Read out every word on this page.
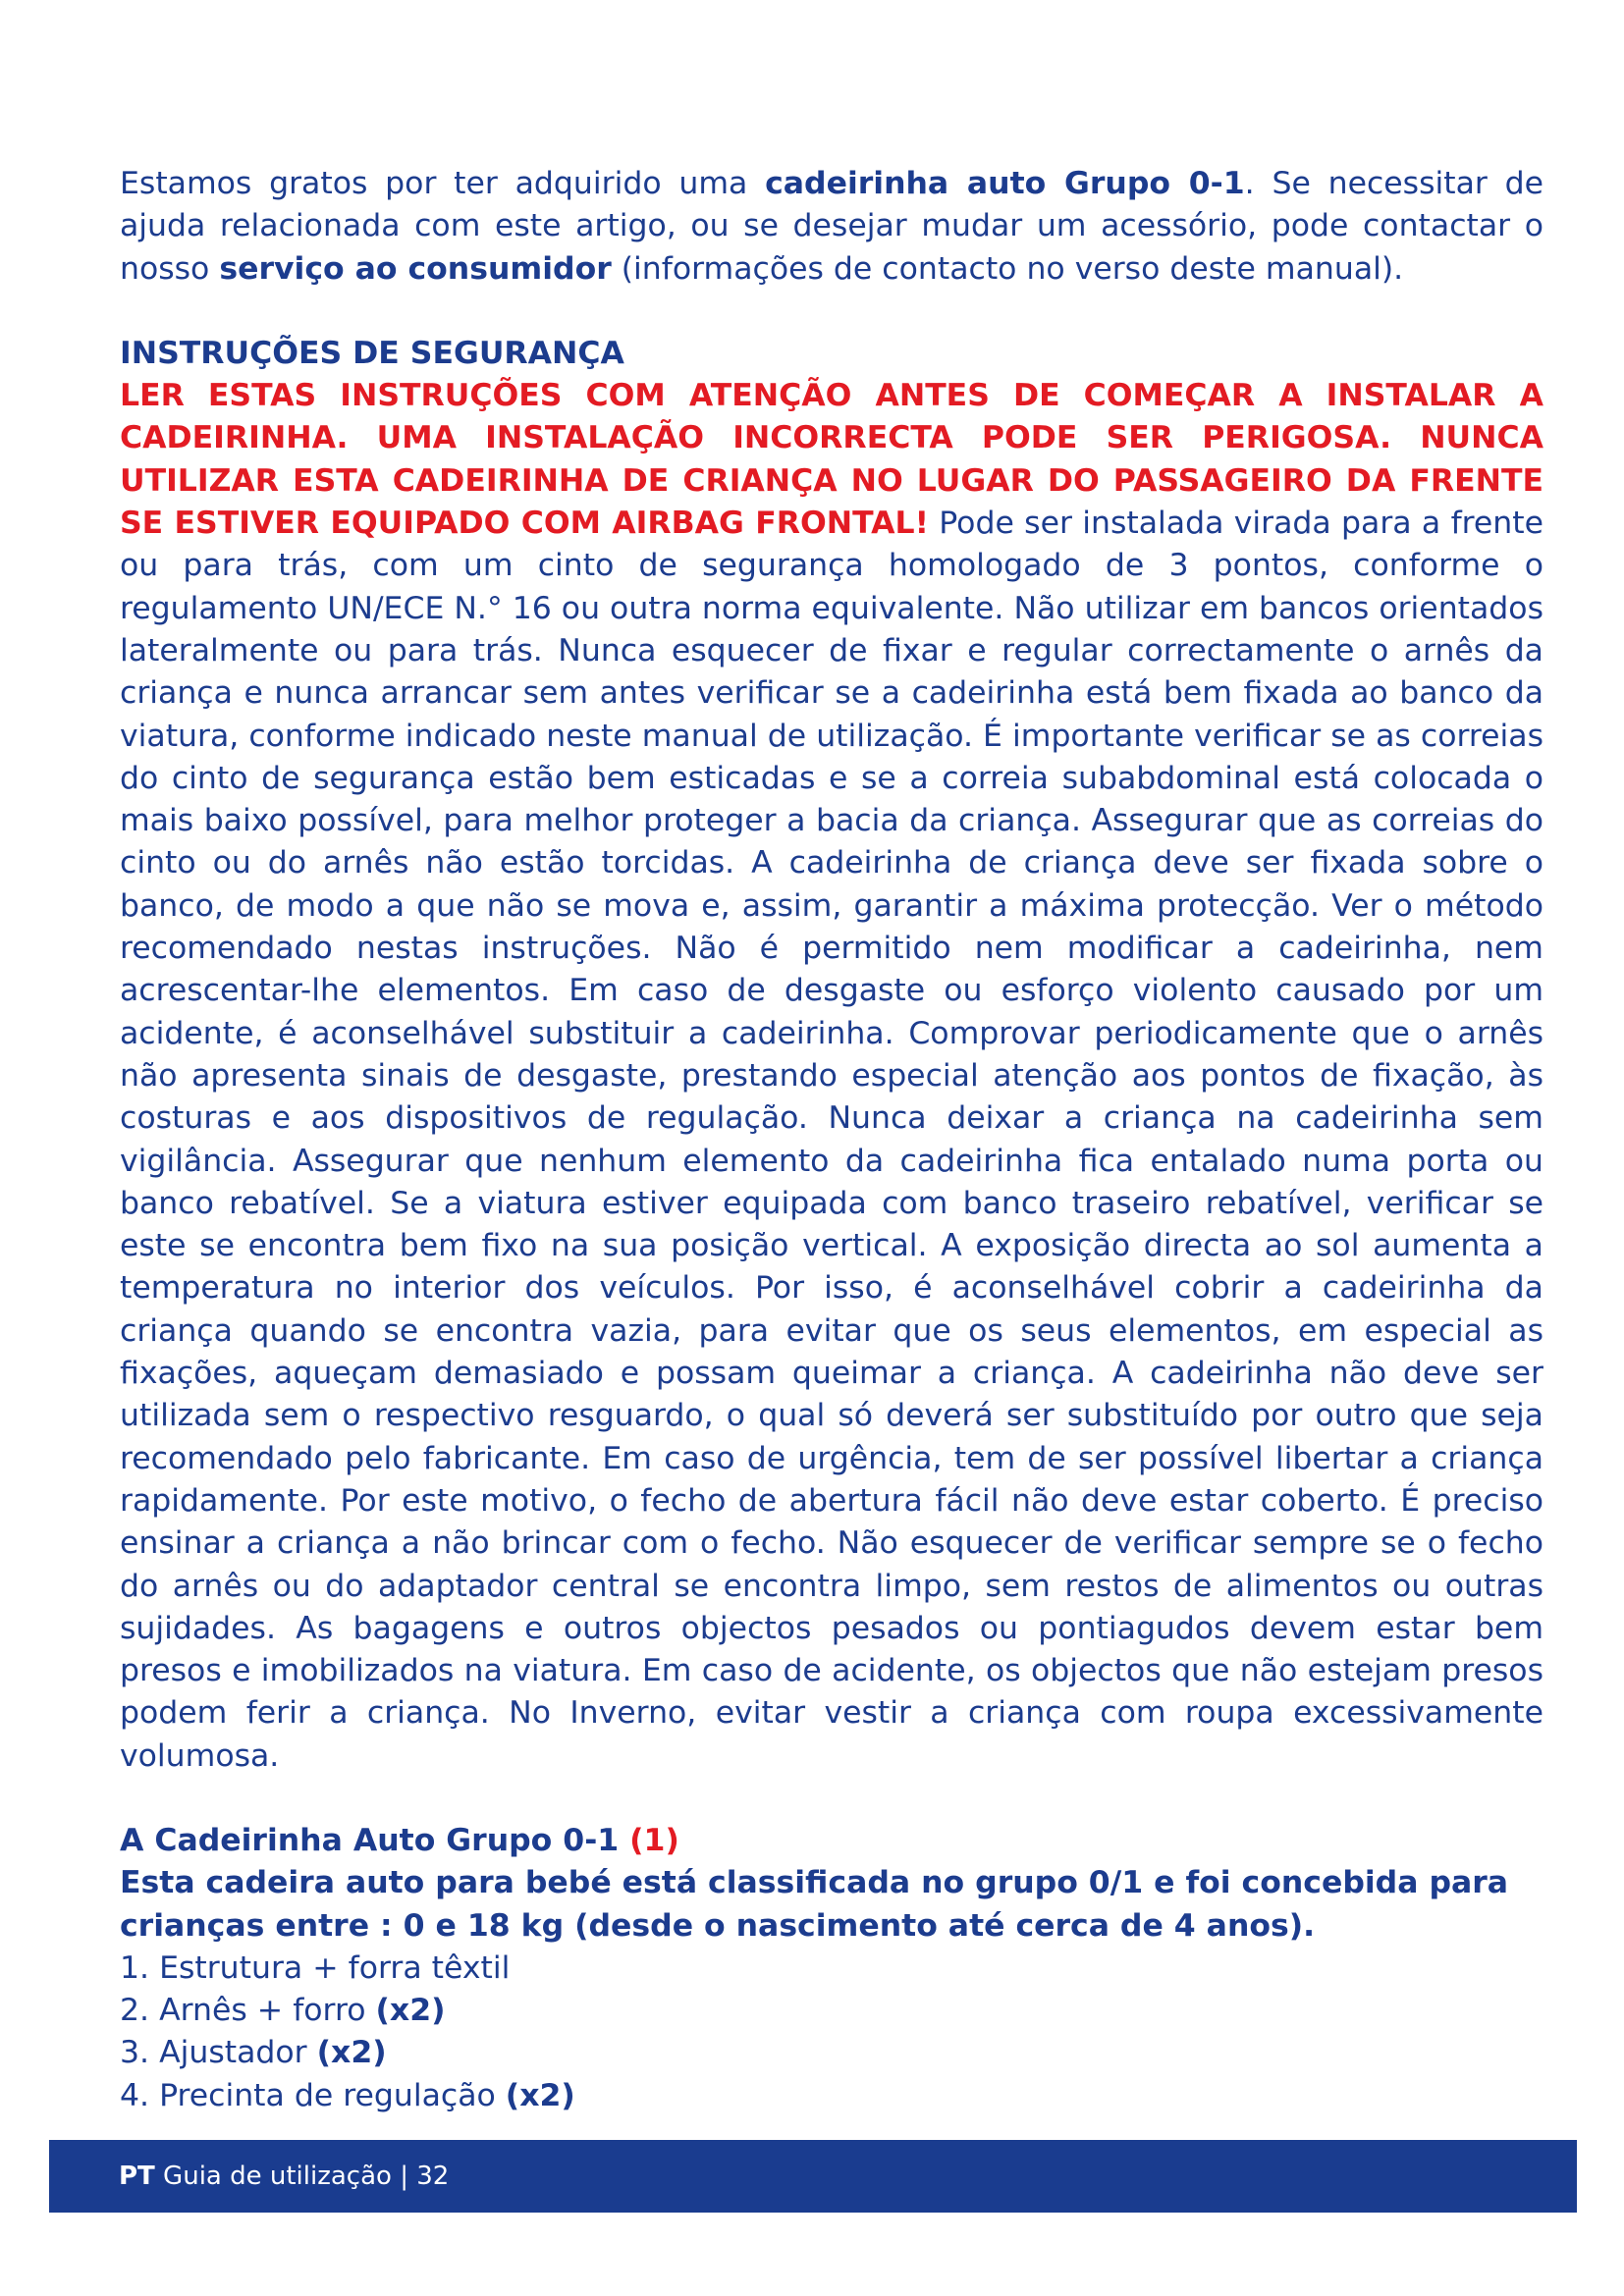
Estamos gratos por ter adquirido uma cadeirinha auto Grupo 0-1. Se necessitar de ajuda relacionada com este artigo, ou se desejar mudar um acessório, pode contactar o nosso serviço ao consumidor (informações de contacto no verso deste manual).

INSTRUÇÕES DE SEGURANÇA

LER ESTAS INSTRUÇÕES COM ATENÇÃO ANTES DE COMEÇAR A INSTALAR A CADEIRINHA. UMA INSTALAÇÃO INCORRECTA PODE SER PERIGOSA. NUNCA UTILIZAR ESTA CADEIRINHA DE CRIANÇA NO LUGAR DO PASSAGEIRO DA FRENTE SE ESTIVER EQUIPADO COM AIRBAG FRONTAL! Pode ser instalada virada para a frente ou para trás, com um cinto de segurança homologado de 3 pontos, conforme o regulamento UN/ECE N.° 16 ou outra norma equivalente. Não utilizar em bancos orientados lateralmente ou para trás. Nunca esquecer de fixar e regular correctamente o arnês da criança e nunca arrancar sem antes verificar se a cadeirinha está bem fixada ao banco da viatura, conforme indicado neste manual de utilização. É importante verificar se as correias do cinto de segurança estão bem esticadas e se a correia subabdominal está colocada o mais baixo possível, para melhor proteger a bacia da criança. Assegurar que as correias do cinto ou do arnês não estão torcidas. A cadeirinha de criança deve ser fixada sobre o banco, de modo a que não se mova e, assim, garantir a máxima protecção. Ver o método recomendado nestas instruções. Não é permitido nem modificar a cadeirinha, nem acrescentar-lhe elementos. Em caso de desgaste ou esforço violento causado por um acidente, é aconselhável substituir a cadeirinha. Comprovar periodicamente que o arnês não apresenta sinais de desgaste, prestando especial atenção aos pontos de fixação, às costuras e aos dispositivos de regulação. Nunca deixar a criança na cadeirinha sem vigilância. Assegurar que nenhum elemento da cadeirinha fica entalado numa porta ou banco rebatível. Se a viatura estiver equipada com banco traseiro rebatível, verificar se este se encontra bem fixo na sua posição vertical. A exposição directa ao sol aumenta a temperatura no interior dos veículos. Por isso, é aconselhável cobrir a cadeirinha da criança quando se encontra vazia, para evitar que os seus elementos, em especial as fixações, aqueçam demasiado e possam queimar a criança. A cadeirinha não deve ser utilizada sem o respectivo resguardo, o qual só deverá ser substituído por outro que seja recomendado pelo fabricante. Em caso de urgência, tem de ser possível libertar a criança rapidamente. Por este motivo, o fecho de abertura fácil não deve estar coberto. É preciso ensinar a criança a não brincar com o fecho. Não esquecer de verificar sempre se o fecho do arnês ou do adaptador central se encontra limpo, sem restos de alimentos ou outras sujidades. As bagagens e outros objectos pesados ou pontiagudos devem estar bem presos e imobilizados na viatura. Em caso de acidente, os objectos que não estejam presos podem ferir a criança. No Inverno, evitar vestir a criança com roupa excessivamente volumosa.

A Cadeirinha Auto Grupo 0-1 (1)

Esta cadeira auto para bebé está classificada no grupo 0/1 e foi concebida para crianças entre : 0 e 18 kg (desde o nascimento até cerca de 4 anos).

1. Estrutura + forra têxtil
2. Arnês + forro (x2)
3. Ajustador (x2)
4. Precinta de regulação (x2)
PT Guia de utilização | 32
